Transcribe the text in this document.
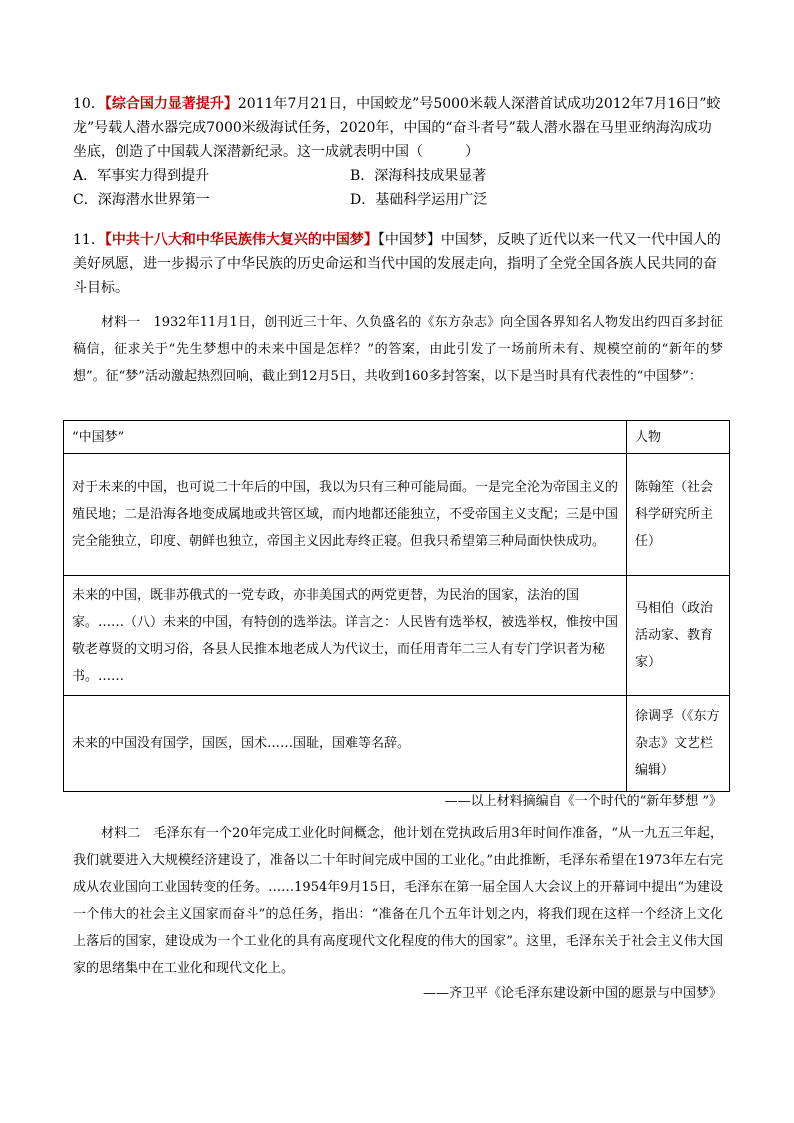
10．【综合国力显著提升】2011年7月21日，中国蛟龙”号5000米载人深潜首试成功2012年7月16日”蛟龙”号载人潜水器完成7000米级海试任务，2020年，中国的“奋斗者号”载人潜水器在马里亚纳海沟成功坐底，创造了中国载人深潜新纪录。这一成就表明中国（　　　）
A．军事实力得到提升	B．深海科技成果显著
C．深海潜水世界第一	D．基础科学运用广泛
11．【中共十八大和中华民族伟大复兴的中国梦】【中国梦】中国梦，反映了近代以来一代又一代中国人的美好夙愿，进一步揭示了中华民族的历史命运和当代中国的发展走向，指明了全党全国各族人民共同的奋斗目标。
材料一　1932年11月1日，创刊近三十年、久负盛名的《东方杂志》向全国各界知名人物发出约四百多封征稿信，征求关于“先生梦想中的未来中国是怎样？”的答案，由此引发了一场前所未有、规模空前的“新年的梦想”。征“梦”活动激起热烈回响，截止到12月5日，共收到160多封答案，以下是当时具有代表性的“中国梦”：
“中国梦”	人物
对于未来的中国，也可说二十年后的中国，我以为只有三种可能局面。一是完全沦为帝国主义的殖民地；二是沿海各地变成属地或共管区域，而内地都还能独立，不受帝国主义支配；三是中国完全能独立，印度、朝鲜也独立，帝国主义因此寿终正寝。但我只希望第三种局面快快成功。	陈翰笙（社会科学研究所主任）
未来的中国，既非苏俄式的一党专政，亦非美国式的两党更替，为民治的国家，法治的国家。……（八）未来的中国，有特创的选举法。详言之：人民皆有选举权，被选举权，惟按中国敬老尊贤的文明习俗，各县人民推本地老成人为代议士，而任用青年二三人有专门学识者为秘书。……	马相伯（政治活动家、教育家）
未来的中国没有国学，国医，国术……国耻，国难等名辞。	徐调孚（《东方杂志》文艺栏编辑）
——以上材料摘编自《一个时代的“新年梦想 ”》
材料二　毛泽东有一个20年完成工业化时间概念，他计划在党执政后用3年时间作准备，“从一九五三年起，我们就要进入大规模经济建设了，准备以二十年时间完成中国的工业化。”由此推断，毛泽东希望在1973年左右完成从农业国向工业国转变的任务。……1954年9月15日，毛泽东在第一届全国人大会议上的开幕词中提出“为建设一个伟大的社会主义国家而奋斗”的总任务，指出：“准备在几个五年计划之内，将我们现在这样一个经济上文化上落后的国家，建设成为一个工业化的具有高度现代文化程度的伟大的国家”。这里，毛泽东关于社会主义伟大国家的思绪集中在工业化和现代文化上。
——齐卫平《论毛泽东建设新中国的愿景与中国梦》
